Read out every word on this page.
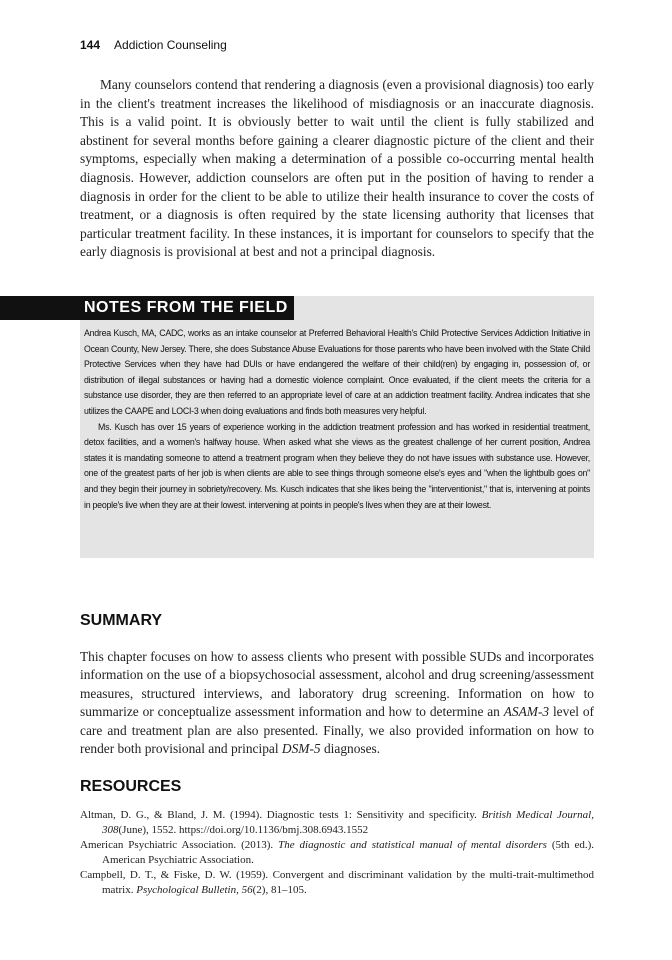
144 Addiction Counseling

Many counselors contend that rendering a diagnosis (even a provisional diagnosis) too early in the client's treatment increases the likelihood of misdiagnosis or an inaccurate diagnosis. This is a valid point. It is obviously better to wait until the client is fully stabilized and abstinent for several months before gaining a clearer diagnostic picture of the client and their symptoms, especially when making a determination of a possible co-occurring mental health diagnosis. However, addiction counselors are often put in the position of having to render a diagnosis in order for the client to be able to utilize their health insurance to cover the costs of treatment, or a diagnosis is often required by the state licensing authority that licenses that particular treatment facility. In these instances, it is important for counselors to specify that the early diagnosis is provisional at best and not a principal diagnosis.

NOTES FROM THE FIELD

Andrea Kusch, MA, CADC, works as an intake counselor at Preferred Behavioral Health's Child Protective Services Addiction Initiative in Ocean County, New Jersey. There, she does Substance Abuse Evaluations for those parents who have been involved with the State Child Protective Services when they have had DUIs or have endangered the welfare of their child(ren) by engaging in, possession of, or distribution of illegal substances or having had a domestic violence complaint. Once evaluated, if the client meets the criteria for a substance use disorder, they are then referred to an appropriate level of care at an addiction treatment facility. Andrea indicates that she utilizes the CAAPE and LOCI-3 when doing evaluations and finds both measures very helpful.

Ms. Kusch has over 15 years of experience working in the addiction treatment profession and has worked in residential treatment, detox facilities, and a women's halfway house. When asked what she views as the greatest challenge of her current position, Andrea states it is mandating someone to attend a treatment program when they believe they do not have issues with substance use. However, one of the greatest parts of her job is when clients are able to see things through someone else's eyes and "when the lightbulb goes on" and they begin their journey in sobriety/recovery. Ms. Kusch indicates that she likes being the "interventionist," that is, intervening at points in people's live when they are at their lowest. intervening at points in people's lives when they are at their lowest.

SUMMARY

This chapter focuses on how to assess clients who present with possible SUDs and incorporates information on the use of a biopsychosocial assessment, alcohol and drug screening/assessment measures, structured interviews, and laboratory drug screening. Information on how to summarize or conceptualize assessment information and how to determine an ASAM-3 level of care and treatment plan are also presented. Finally, we also provided information on how to render both provisional and principal DSM-5 diagnoses.

RESOURCES
Altman, D. G., & Bland, J. M. (1994). Diagnostic tests 1: Sensitivity and specificity. British Medical Journal, 308(June), 1552. https://doi.org/10.1136/bmj.308.6943.1552
American Psychiatric Association. (2013). The diagnostic and statistical manual of mental disorders (5th ed.). American Psychiatric Association.
Campbell, D. T., & Fiske, D. W. (1959). Convergent and discriminant validation by the multi-trait-multimethod matrix. Psychological Bulletin, 56(2), 81–105.
